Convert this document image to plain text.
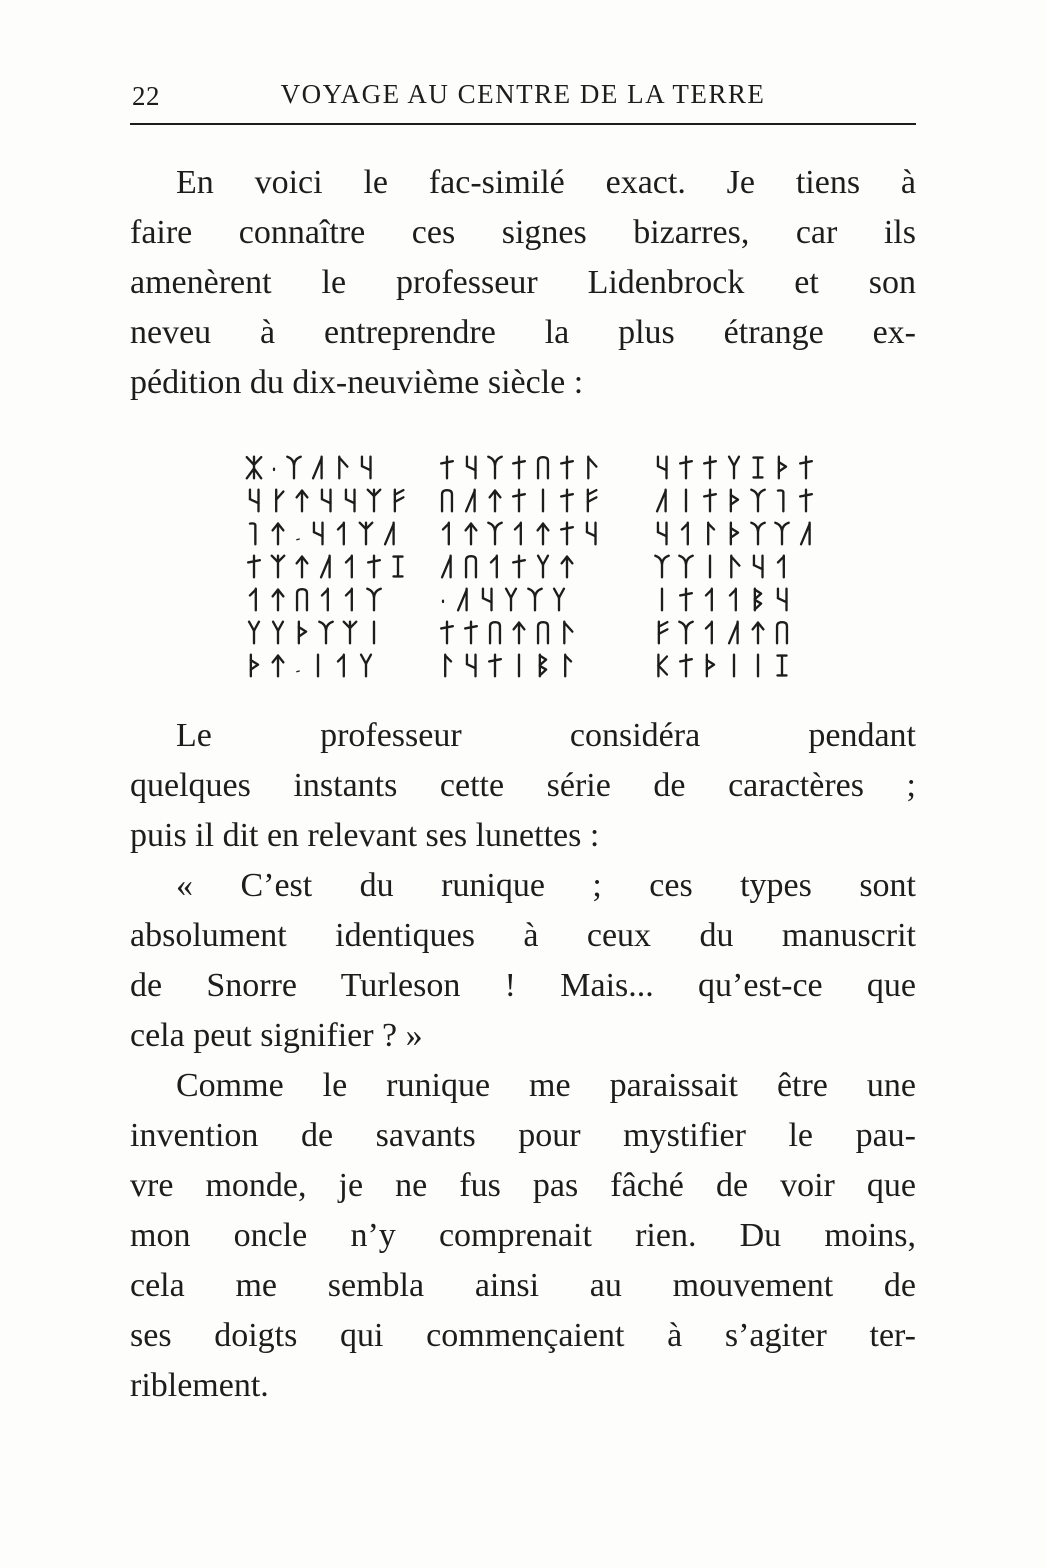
22	VOYAGE AU CENTRE DE LA TERRE
En voici le fac-similé exact. Je tiens à
faire connaître ces signes bizarres, car ils
amenèrent le professeur Lidenbrock et son
neveu à entreprendre la plus étrange ex-
pédition du dix-neuvième siècle :
Le professeur considéra pendant
quelques instants cette série de caractères ;
puis il dit en relevant ses lunettes :
« C’est du runique ; ces types sont
absolument identiques à ceux du manuscrit
de Snorre Turleson ! Mais... qu’est-ce que
cela peut signifier ? »
Comme le runique me paraissait être une
invention de savants pour mystifier le pau-
vre monde, je ne fus pas fâché de voir que
mon oncle n’y comprenait rien. Du moins,
cela me sembla ainsi au mouvement de
ses doigts qui commençaient à s’agiter ter-
riblement.
